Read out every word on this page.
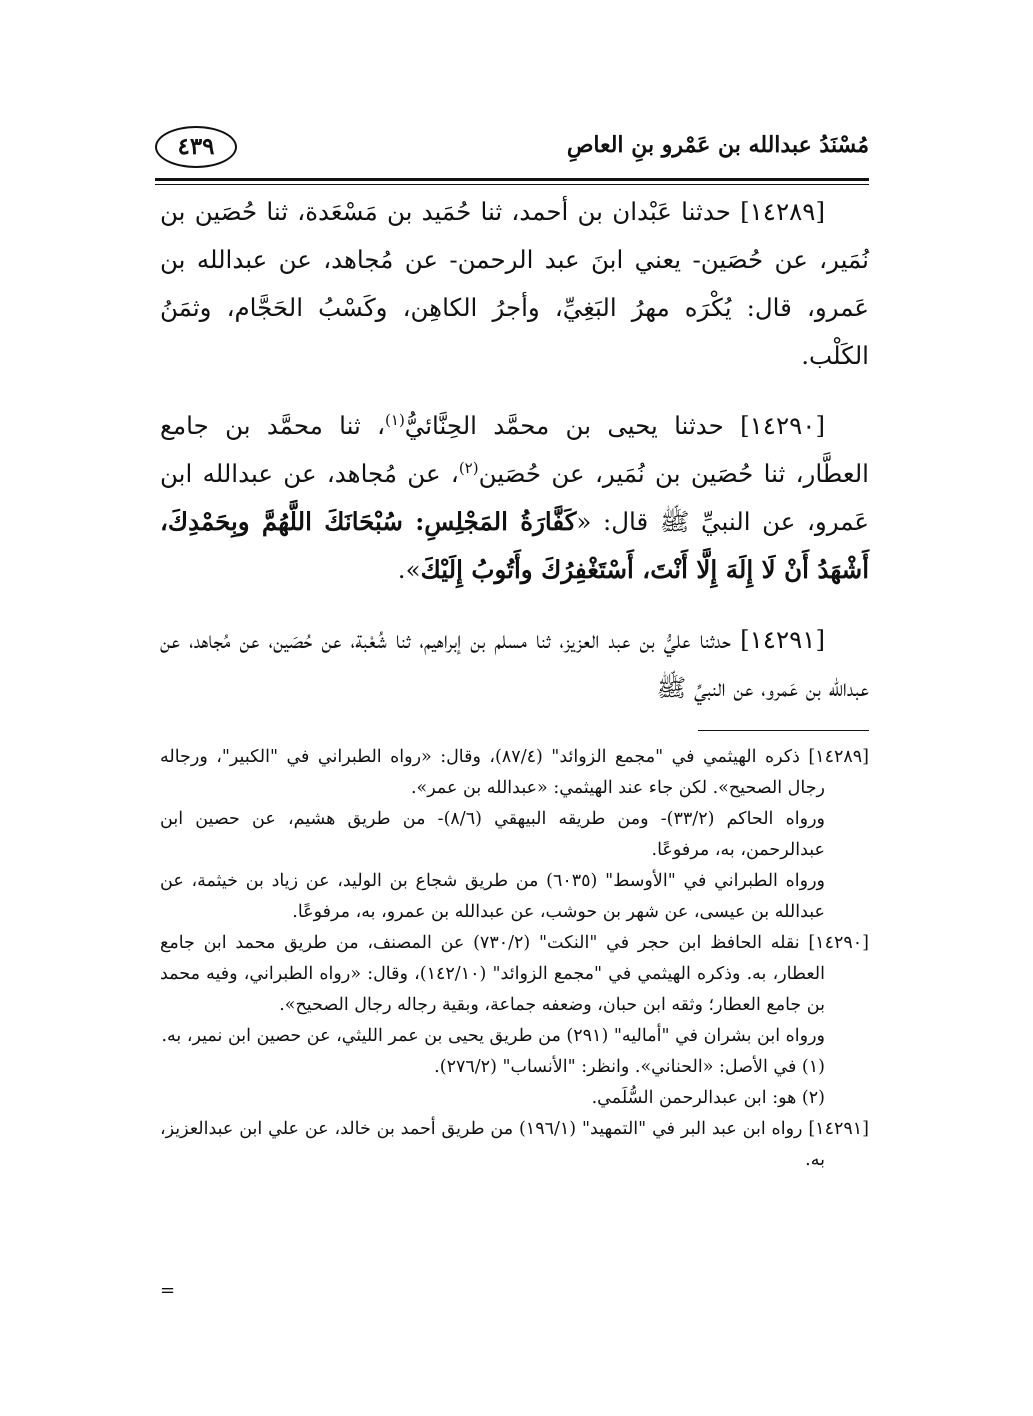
مُسْنَدُ عبدالله بن عَمْرو بنِ العاصِ
٤٣٩

[١٤٢٨٩] حدثنا عَبْدان بن أحمد، ثنا حُمَيد بن مَسْعَدة، ثنا حُصَين بن نُمَير، عن حُصَين- يعني ابنَ عبد الرحمن- عن مُجاهد، عن عبدالله بن عَمرو، قال: يُكْرَه مهرُ البَغِيِّ، وأجرُ الكاهِن، وكَسْبُ الحَجَّام، وثمَنُ الكَلْب.

[١٤٢٩٠] حدثنا يحيى بن محمَّد الحِنَّائيُّ$^{(١)}$، ثنا محمَّد بن جامع العطَّار، ثنا حُصَين بن نُمَير، عن حُصَين$^{(٢)}$، عن مُجاهد، عن عبدالله ابن عَمرو، عن النبيِّ ﷺ قال: «كَفَّارَةُ المَجْلِسِ: سُبْحَانَكَ اللَّهُمَّ وبِحَمْدِكَ، أَشْهَدُ أَنْ لَا إِلَهَ إِلَّا أَنْتَ، أَسْتَغْفِرُكَ وأَتُوبُ إِلَيْكَ».

[١٤٢٩١] حدثنا عليُّ بن عبد العزيز، ثنا مسلم بن إبراهيم، ثنا شُعْبة، عن حُصَين، عن مُجاهد، عن عبدالله بن عَمرو، عن النبيِّ ﷺ

[١٤٢٨٩] ذكره الهيثمي في "مجمع الزوائد" (٨٧/٤)، وقال: «رواه الطبراني في "الكبير"، ورجاله رجال الصحيح». لكن جاء عند الهيثمي: «عبدالله بن عمر».

ورواه الحاكم (٣٣/٢)- ومن طريقه البيهقي (٨/٦)- من طريق هشيم، عن حصين ابن عبدالرحمن، به، مرفوعًا.

ورواه الطبراني في "الأوسط" (٦٠٣٥) من طريق شجاع بن الوليد، عن زياد بن خيثمة، عن عبدالله بن عيسى، عن شهر بن حوشب، عن عبدالله بن عمرو، به، مرفوعًا.

[١٤٢٩٠] نقله الحافظ ابن حجر في "النكت" (٧٣٠/٢) عن المصنف، من طريق محمد ابن جامع العطار، به. وذكره الهيثمي في "مجمع الزوائد" (١٤٢/١٠)، وقال: «رواه الطبراني، وفيه محمد بن جامع العطار؛ وثقه ابن حبان، وضعفه جماعة، وبقية رجاله رجال الصحيح».

ورواه ابن بشران في "أماليه" (٢٩١) من طريق يحيى بن عمر الليثي، عن حصين ابن نمير، به.

(١) في الأصل: «الحناني». وانظر: "الأنساب" (٢٧٦/٢).

(٢) هو: ابن عبدالرحمن السُّلَمي.

[١٤٢٩١] رواه ابن عبد البر في "التمهيد" (١٩٦/١) من طريق أحمد بن خالد، عن علي ابن عبدالعزيز، به.

=
